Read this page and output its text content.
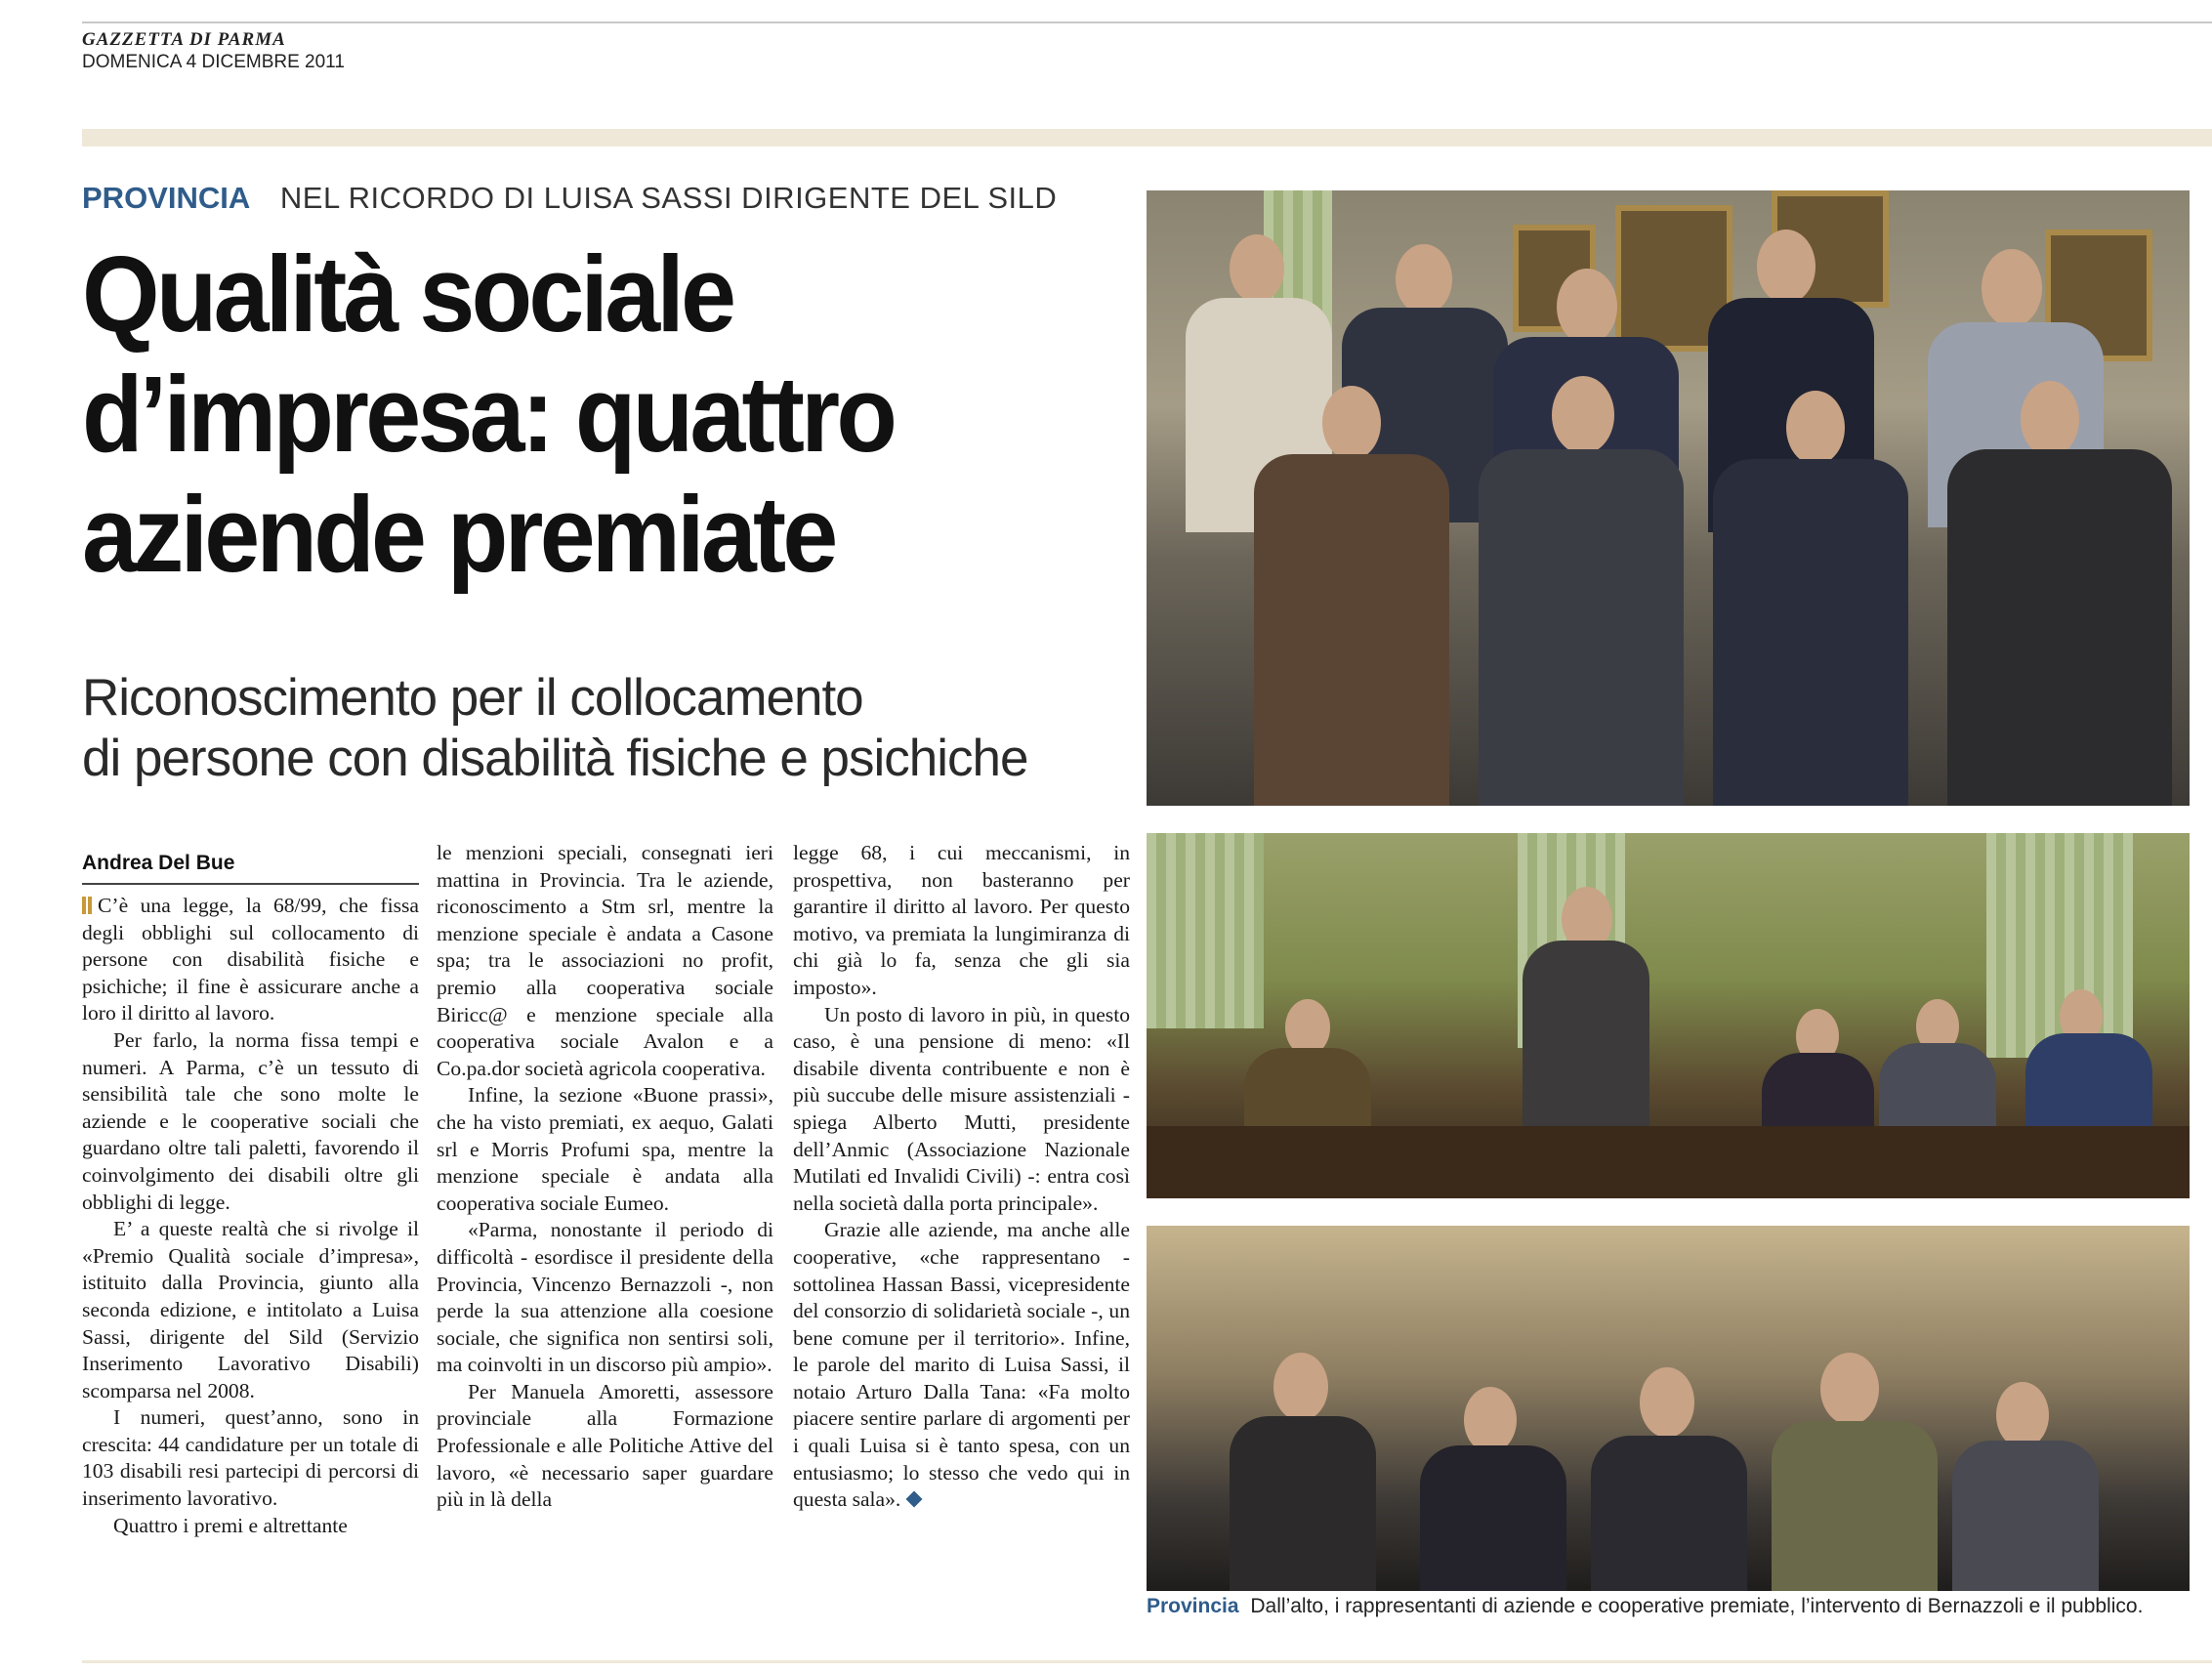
GAZZETTA DI PARMA
DOMENICA 4 DICEMBRE 2011
PROVINCIA NEL RICORDO DI LUISA SASSI DIRIGENTE DEL SILD
Qualità sociale
d’impresa: quattro
aziende premiate
Riconoscimento per il collocamento
di persone con disabilità fisiche e psichiche
Andrea Del Bue

C’è una legge, la 68/99, che fissa degli obblighi sul collocamento di persone con disabilità fisiche e psichiche; il fine è assicurare anche a loro il diritto al lavoro.

Per farlo, la norma fissa tempi e numeri. A Parma, c’è un tessuto di sensibilità tale che sono molte le aziende e le cooperative sociali che guardano oltre tali paletti, favorendo il coinvolgimento dei disabili oltre gli obblighi di legge.

E’ a queste realtà che si rivolge il «Premio Qualità sociale d’impresa», istituito dalla Provincia, giunto alla seconda edizione, e intitolato a Luisa Sassi, dirigente del Sild (Servizio Inserimento Lavorativo Disabili) scomparsa nel 2008.

I numeri, quest’anno, sono in crescita: 44 candidature per un totale di 103 disabili resi partecipi di percorsi di inserimento lavorativo.

Quattro i premi e altrettante

le menzioni speciali, consegnati ieri mattina in Provincia. Tra le aziende, riconoscimento a Stm srl, mentre la menzione speciale è andata a Casone spa; tra le associazioni no profit, premio alla cooperativa sociale Biricc@ e menzione speciale alla cooperativa sociale Avalon e a Co.pa.dor società agricola cooperativa.

Infine, la sezione «Buone prassi», che ha visto premiati, ex aequo, Galati srl e Morris Profumi spa, mentre la menzione speciale è andata alla cooperativa sociale Eumeo.

«Parma, nonostante il periodo di difficoltà - esordisce il presidente della Provincia, Vincenzo Bernazzoli -, non perde la sua attenzione alla coesione sociale, che significa non sentirsi soli, ma coinvolti in un discorso più ampio».

Per Manuela Amoretti, assessore provinciale alla Formazione Professionale e alle Politiche Attive del lavoro, «è necessario saper guardare più in là della

legge 68, i cui meccanismi, in prospettiva, non basteranno per garantire il diritto al lavoro. Per questo motivo, va premiata la lungimiranza di chi già lo fa, senza che gli sia imposto».

Un posto di lavoro in più, in questo caso, è una pensione di meno: «Il disabile diventa contribuente e non è più succube delle misure assistenziali - spiega Alberto Mutti, presidente dell’Anmic (Associazione Nazionale Mutilati ed Invalidi Civili) -: entra così nella società dalla porta principale».

Grazie alle aziende, ma anche alle cooperative, «che rappresentano - sottolinea Hassan Bassi, vicepresidente del consorzio di solidarietà sociale -, un bene comune per il territorio». Infine, le parole del marito di Luisa Sassi, il notaio Arturo Dalla Tana: «Fa molto piacere sentire parlare di argomenti per i quali Luisa si è tanto spesa, con un entusiasmo; lo stesso che vedo qui in questa sala».

Provincia Dall’alto, i rappresentanti di aziende e cooperative premiate, l’intervento di Bernazzoli e il pubblico.
